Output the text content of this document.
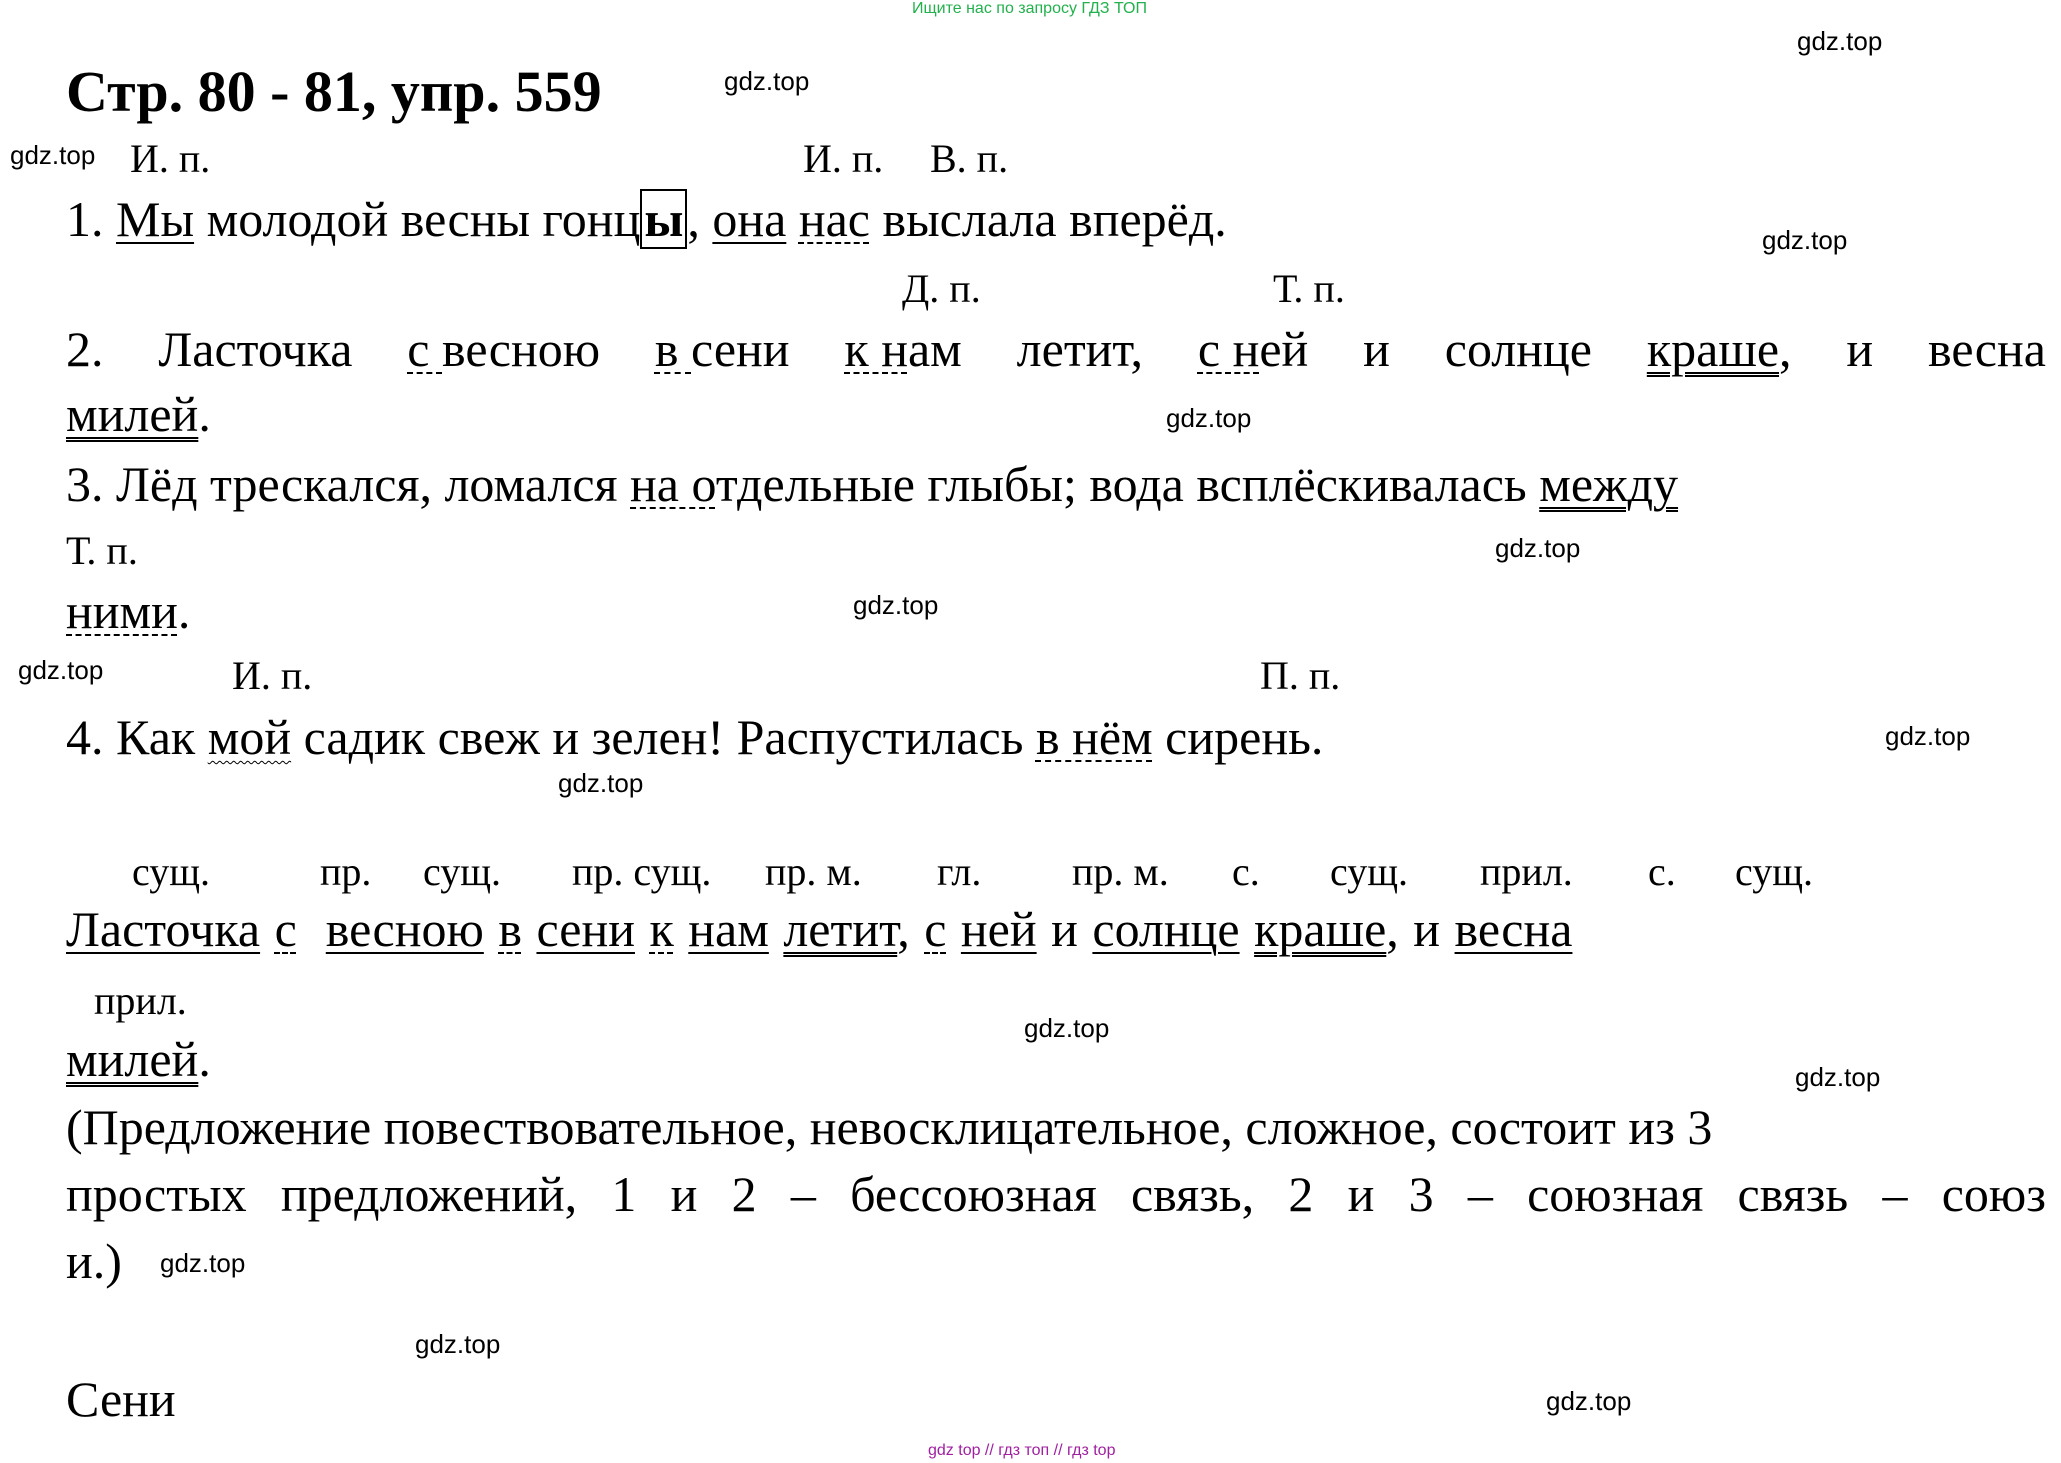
Ищите нас по запросу ГДЗ ТОП
Стр. 80 - 81, упр. 559	gdz.top
gdz.top
gdz.top
gdz.top
gdz.top
gdz.top
gdz.top
gdz.top
gdz.top
gdz.top
gdz.top
gdz.top
gdz.top
gdz.top
gdz.top
И. п.	И. п. В. п.
1. Мы молодой весны гонцы, она нас выслала вперёд.
Д. п.	Т. п.
2. Ласточка с весною в сени к нам летит, с ней и солнце краше, и весна
милей.
3. Лёд трескался, ломался на отдельные глыбы; вода всплёскивалась между
Т. п.
ними.
И. п.	П. п.
4. Как мой садик свеж и зелен! Распустилась в нём сирень.
сущ.	пр. сущ. пр. сущ. пр. м. гл. пр. м. с. сущ. прил. с. сущ.
Ласточка с весною в сени к нам летит, с ней и солнце краше, и весна
прил.
милей.
(Предложение повествовательное, невосклицательное, сложное, состоит из 3
простых предложений, 1 и 2 – бессоюзная связь, 2 и 3 – союзная связь – союз
и.)
Сени
gdz top // гдз топ // гдз top
